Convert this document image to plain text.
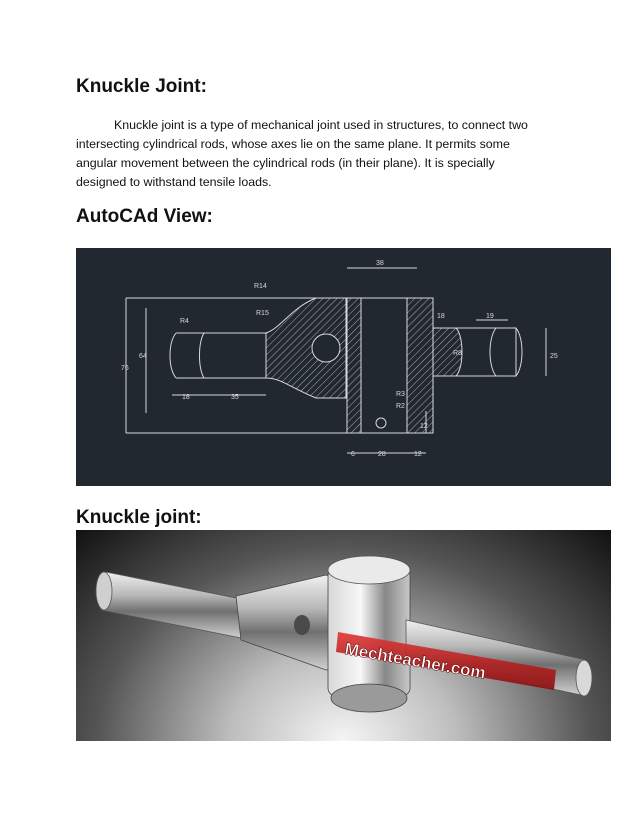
Knuckle Joint:
Knuckle joint is a type of mechanical joint used in structures, to connect two intersecting cylindrical rods, whose axes lie on the same plane. It permits some angular movement between the cylindrical rods (in their plane). It is specially designed to withstand tensile loads.
AutoCAd View:
38
R14
R15
R4
18	19
R8	25
64
76
18	35	R3
R2
12
6	28	12
Knuckle joint:
Mechteacher.com
